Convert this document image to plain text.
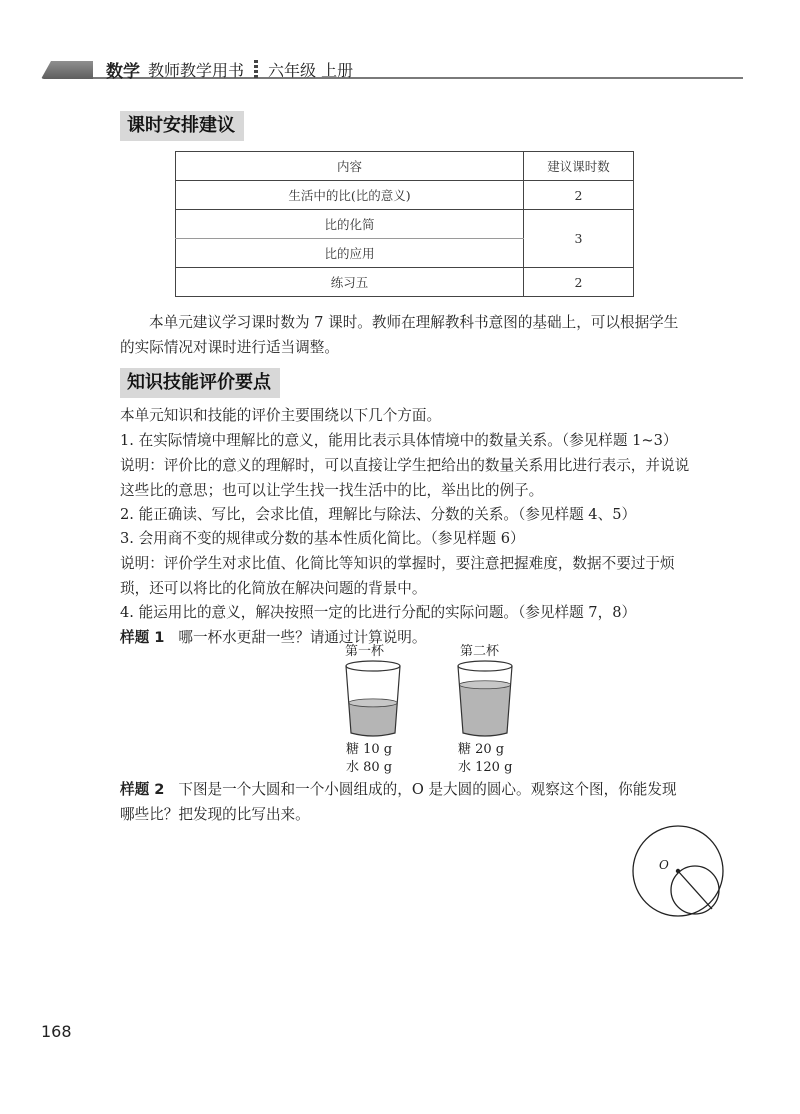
数学 教师教学用书 六年级 上册
课时安排建议
内容	建议课时数
生活中的比(比的意义)	2
比的化简	3
比的应用	
练习五	2

本单元建议学习课时数为 7 课时。教师在理解教科书意图的基础上，可以根据学生的实际情况对课时进行适当调整。

知识技能评价要点
本单元知识和技能的评价主要围绕以下几个方面。
1. 在实际情境中理解比的意义，能用比表示具体情境中的数量关系。（参见样题 1~3）

说明：评价比的意义的理解时，可以直接让学生把给出的数量关系用比进行表示，并说说这些比的意思；也可以让学生找一找生活中的比，举出比的例子。

2. 能正确读、写比，会求比值，理解比与除法、分数的关系。（参见样题 4、5）
3. 会用商不变的规律或分数的基本性质化简比。（参见样题 6）

说明：评价学生对求比值、化简比等知识的掌握时，要注意把握难度，数据不要过于烦琐，还可以将比的化简放在解决问题的背景中。

4. 能运用比的意义，解决按照一定的比进行分配的实际问题。（参见样题 7，8）
样题 1 哪一杯水更甜一些？请通过计算说明。
第一杯	第二杯
糖 10 g
水 80 g
糖 20 g
水 120 g

样题 2 下图是一个大圆和一个小圆组成的，O 是大圆的圆心。观察这个图，你能发现哪些比？把发现的比写出来。

O
168
